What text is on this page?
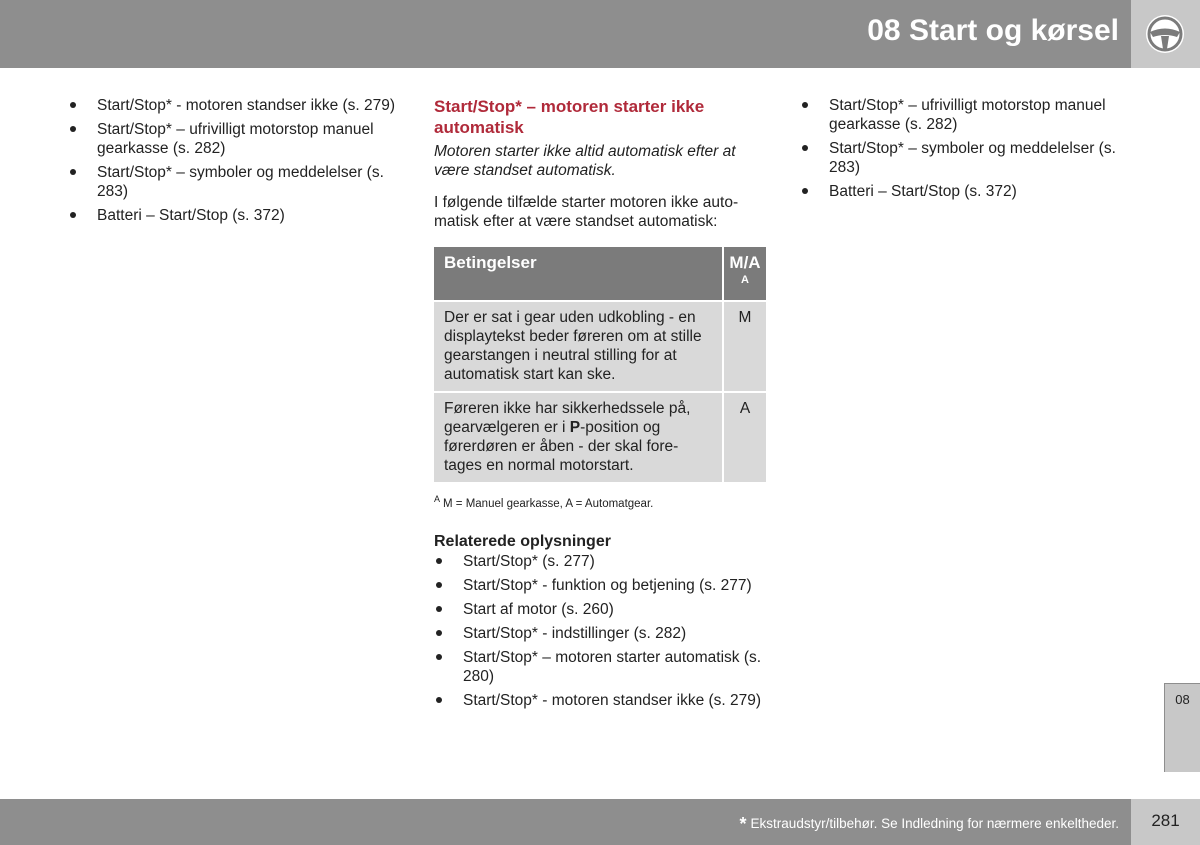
08 Start og kørsel
Start/Stop* - motoren standser ikke (s. 279)
Start/Stop* – ufrivilligt motorstop manuel gearkasse (s. 282)
Start/Stop* – symboler og meddelelser (s. 283)
Batteri – Start/Stop (s. 372)
Start/Stop* – motoren starter ikke automatisk

Motoren starter ikke altid automatisk efter at være standset automatisk.

I følgende tilfælde starter motoren ikke auto-matisk efter at være standset automatisk:

Betingelser	M/A
A

Der er sat i gear uden udkobling - en displaytekst beder føreren om at stille gearstangen i neutral stilling for at automatisk start kan ske.	M
Føreren ikke har sikkerhedssele på, gearvælgeren er i P-position og førerdøren er åben - der skal fore-tages en normal motorstart.	A
$^A$ M = Manuel gearkasse, A = Automatgear.
Relaterede oplysninger
Start/Stop* (s. 277)
Start/Stop* - funktion og betjening (s. 277)
Start af motor (s. 260)
Start/Stop* - indstillinger (s. 282)
Start/Stop* – motoren starter automatisk (s. 280)
Start/Stop* - motoren standser ikke (s. 279)
Start/Stop* – ufrivilligt motorstop manuel gearkasse (s. 282)
Start/Stop* – symboler og meddelelser (s. 283)
Batteri – Start/Stop (s. 372)
08
* Ekstraudstyr/tilbehør. Se Indledning for nærmere enkeltheder.	281
